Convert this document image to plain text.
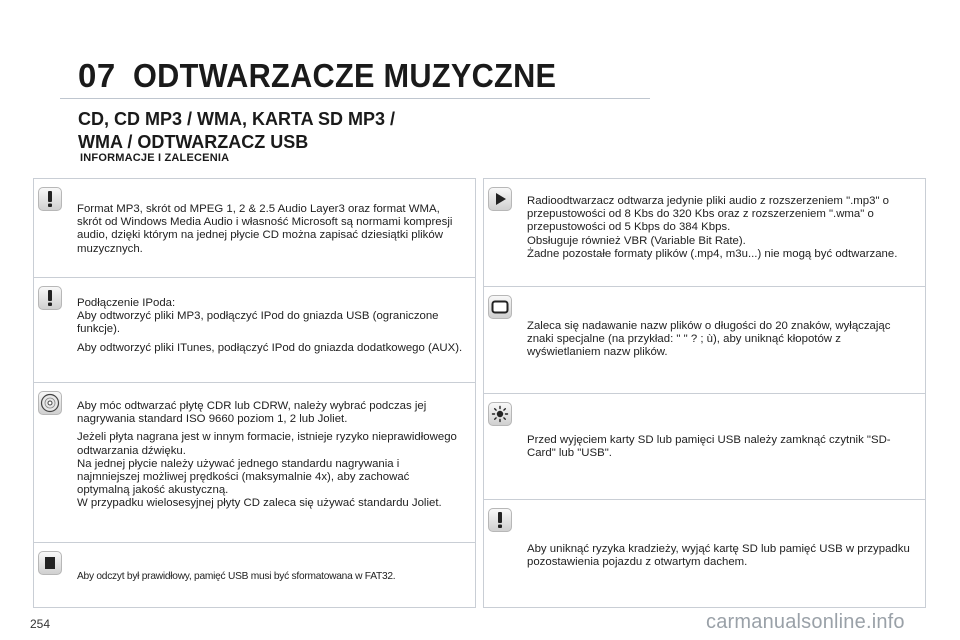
07 ODTWARZACZE MUZYCZNE
CD, CD MP3 / WMA, KARTA SD MP3 /
WMA / ODTWARZACZ USB
INFORMACJE I ZALECENIA

Format MP3, skrót od MPEG 1, 2 & 2.5 Audio Layer3 oraz format WMA, skrót od Windows Media Audio i własność Microsoft są normami kompresji audio, dzięki którym na jednej płycie CD można zapisać dziesiątki plików muzycznych.

Podłączenie IPoda:
Aby odtworzyć pliki MP3, podłączyć IPod do gniazda USB (ograniczone funkcje).

Aby odtworzyć pliki ITunes, podłączyć IPod do gniazda dodatkowego (AUX).

Aby móc odtwarzać płytę CDR lub CDRW, należy wybrać podczas jej nagrywania standard ISO 9660 poziom 1, 2 lub Joliet.

Jeżeli płyta nagrana jest w innym formacie, istnieje ryzyko nieprawidłowego odtwarzania dźwięku.
Na jednej płycie należy używać jednego standardu nagrywania i najmniejszej możliwej prędkości (maksymalnie 4x), aby zachować optymalną jakość akustyczną.
W przypadku wielosesyjnej płyty CD zaleca się używać standardu Joliet.

Aby odczyt był prawidłowy, pamięć USB musi być sformatowana w FAT32.

Radioodtwarzacz odtwarza jedynie pliki audio z rozszerzeniem ".mp3" o przepustowości od 8 Kbs do 320 Kbs oraz z rozszerzeniem ".wma" o przepustowości od 5 Kbps do 384 Kbps.
Obsługuje również VBR (Variable Bit Rate).
Żadne pozostałe formaty plików (.mp4, m3u...) nie mogą być odtwarzane.

Zaleca się nadawanie nazw plików o długości do 20 znaków, wyłączając znaki specjalne (na przykład: " " ? ; ù), aby uniknąć kłopotów z wyświetlaniem nazw plików.

Przed wyjęciem karty SD lub pamięci USB należy zamknąć czytnik "SD-Card" lub "USB".

Aby uniknąć ryzyka kradzieży, wyjąć kartę SD lub pamięć USB w przypadku pozostawienia pojazdu z otwartym dachem.

254	carmanualsonline.info
